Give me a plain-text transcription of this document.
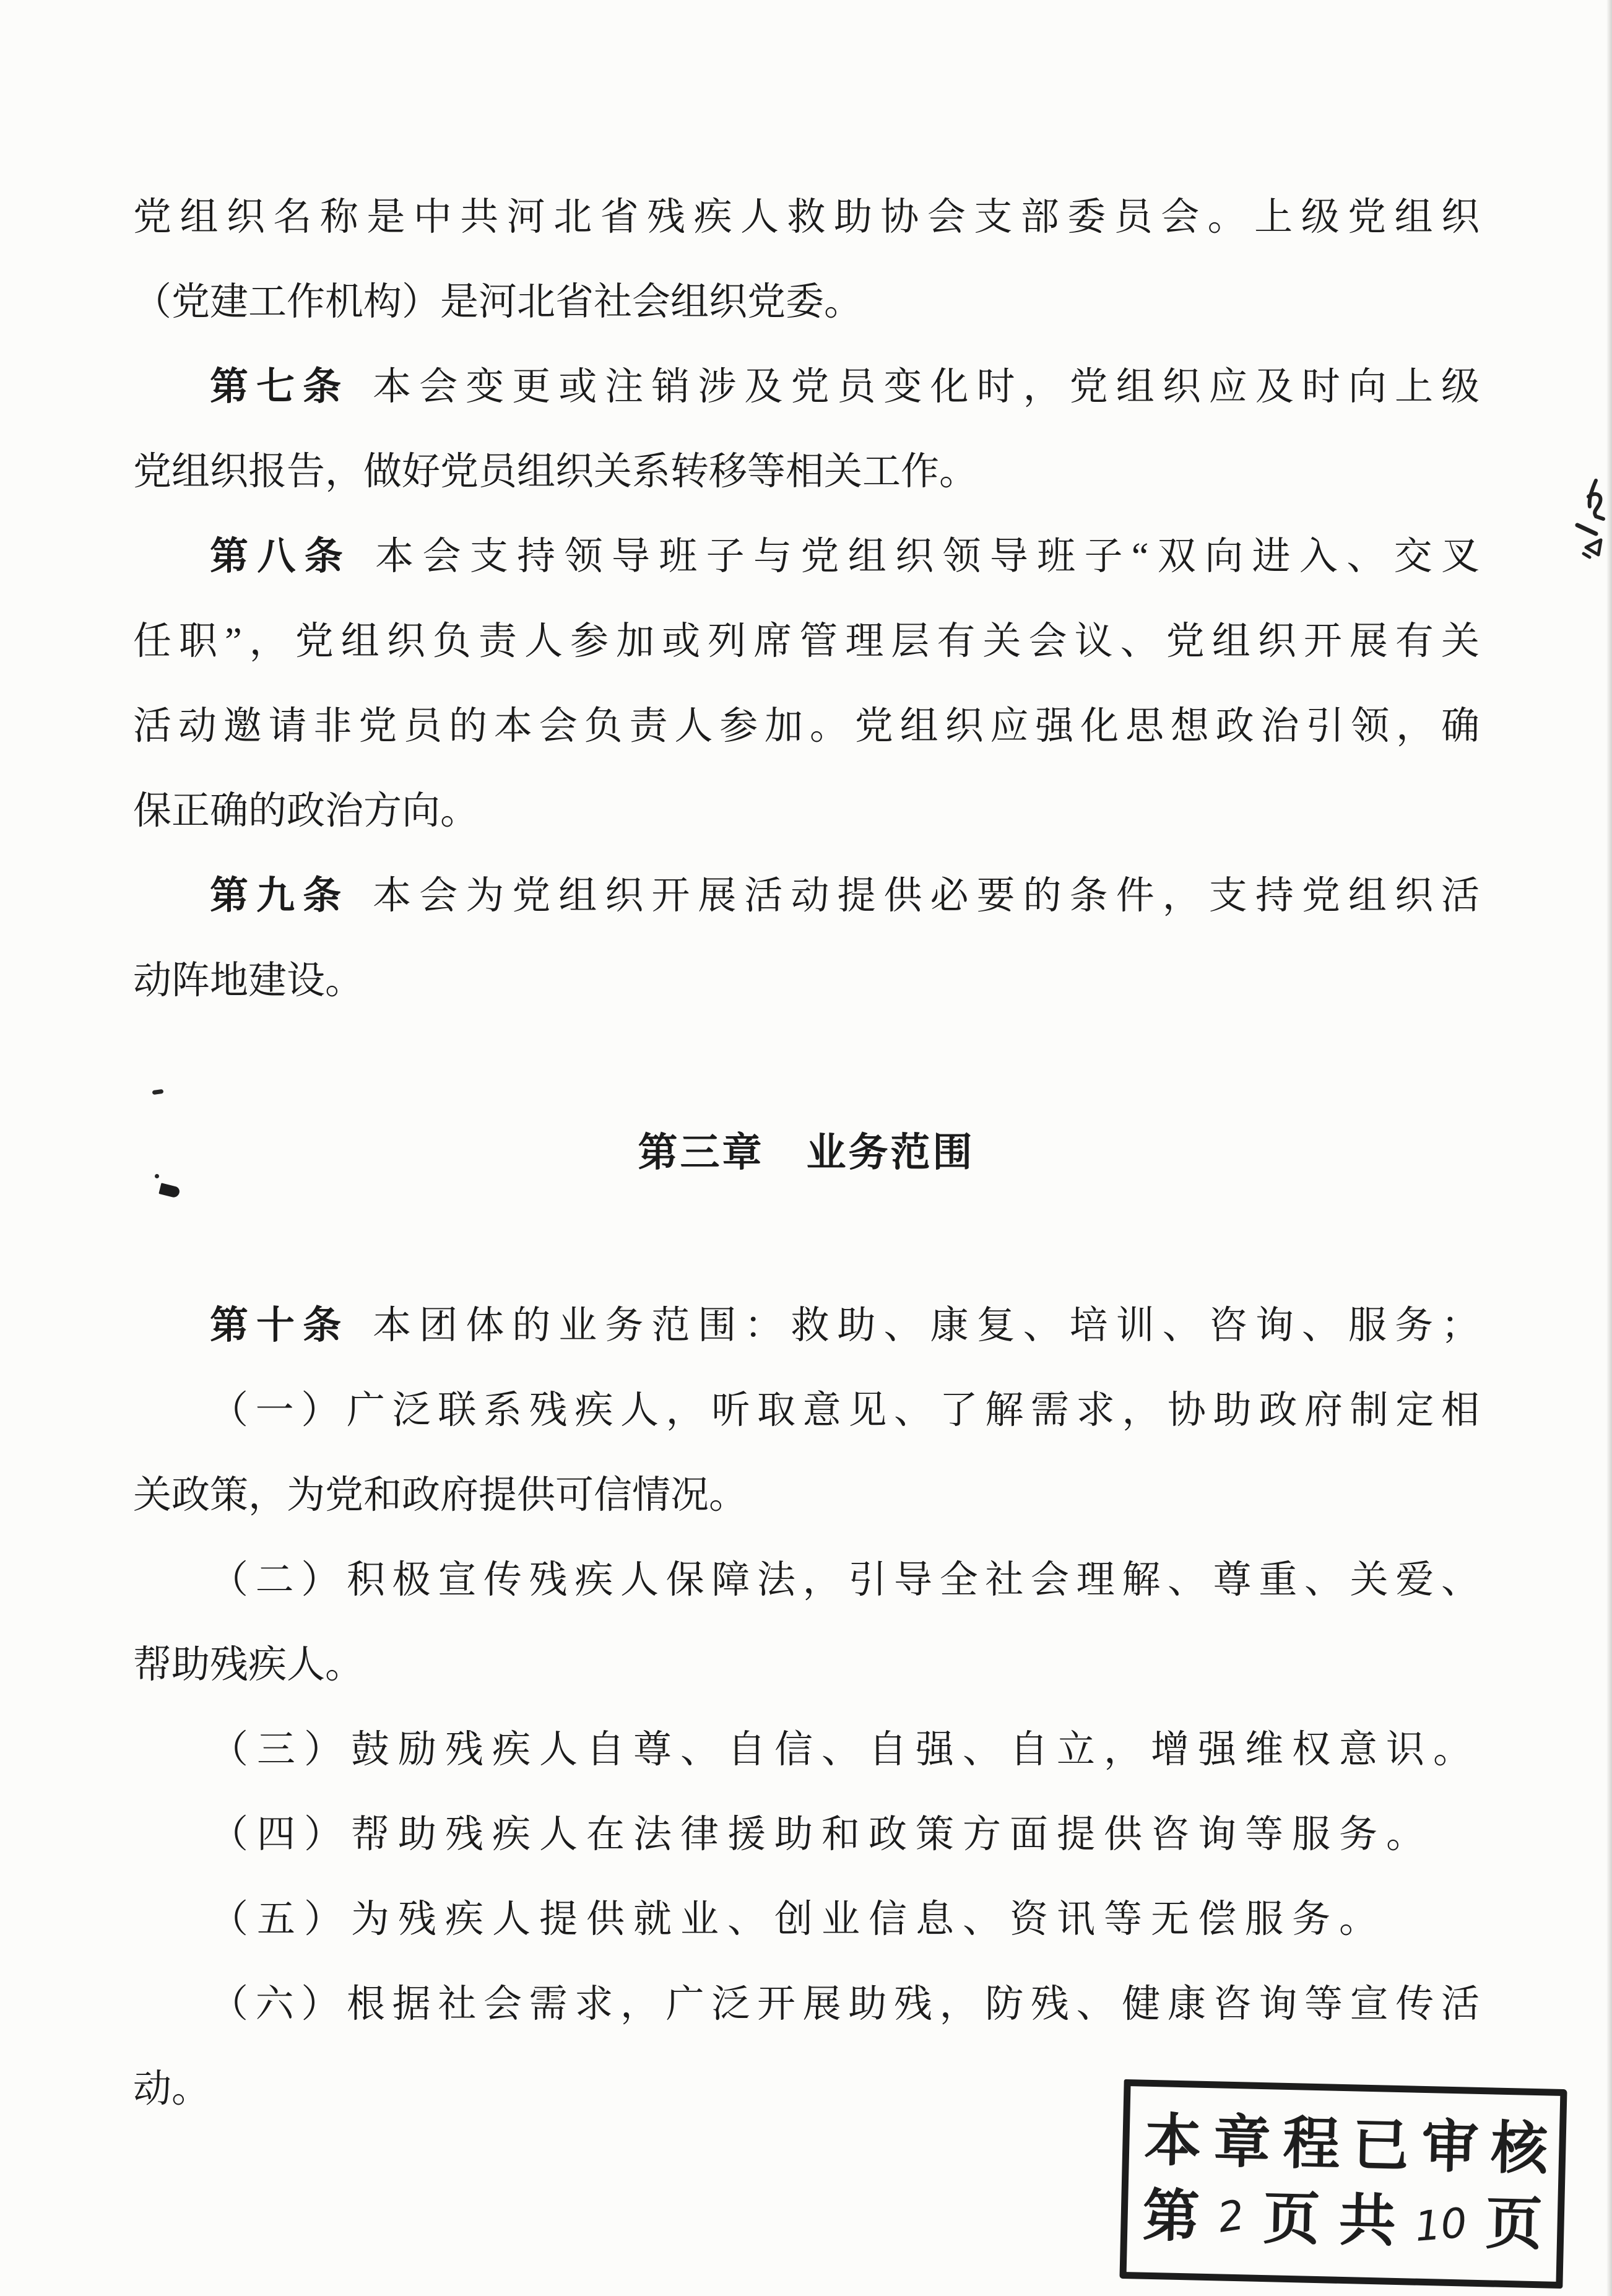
党组织名称是中共河北省残疾人救助协会支部委员会。上级党组织
（党建工作机构）是河北省社会组织党委。
第七条 本会变更或注销涉及党员变化时，党组织应及时向上级
党组织报告，做好党员组织关系转移等相关工作。
第八条 本会支持领导班子与党组织领导班子“双向进入、交叉
任职”，党组织负责人参加或列席管理层有关会议、党组织开展有关
活动邀请非党员的本会负责人参加。党组织应强化思想政治引领，确
保正确的政治方向。
第九条 本会为党组织开展活动提供必要的条件，支持党组织活
动阵地建设。
第三章　业务范围
第十条 本团体的业务范围：救助、康复、培训、咨询、服务；
（一）广泛联系残疾人，听取意见、了解需求，协助政府制定相
关政策，为党和政府提供可信情况。
（二）积极宣传残疾人保障法，引导全社会理解、尊重、关爱、
帮助残疾人。
（三）鼓励残疾人自尊、自信、自强、自立，增强维权意识。
（四）帮助残疾人在法律援助和政策方面提供咨询等服务。
（五）为残疾人提供就业、创业信息、资讯等无偿服务。
（六）根据社会需求，广泛开展助残，防残、健康咨询等宣传活
动。
本章程已审核
第 2 页 共 10 页
